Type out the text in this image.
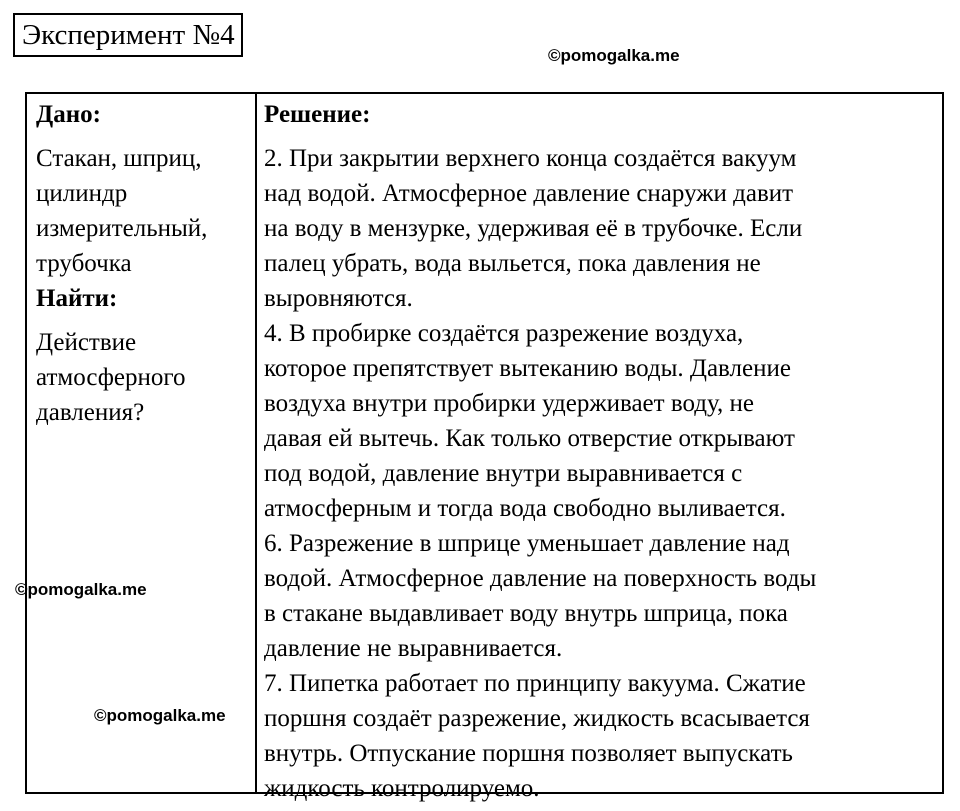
Эксперимент №4
©pomogalka.me

Дано:

Стакан, шприц,

цилиндр

измерительный,

трубочка

Найти:

Действие

атмосферного

давления?

Решение:

2. При закрытии верхнего конца создаётся вакуум

над водой. Атмосферное давление снаружи давит

на воду в мензурке, удерживая её в трубочке. Если

палец убрать, вода выльется, пока давления не

выровняются.

4. В пробирке создаётся разрежение воздуха,

которое препятствует вытеканию воды. Давление

воздуха внутри пробирки удерживает воду, не

давая ей вытечь. Как только отверстие открывают

под водой, давление внутри выравнивается с

атмосферным и тогда вода свободно выливается.

6. Разрежение в шприце уменьшает давление над

водой. Атмосферное давление на поверхность воды

в стакане выдавливает воду внутрь шприца, пока

давление не выравнивается.

7. Пипетка работает по принципу вакуума. Сжатие

поршня создаёт разрежение, жидкость всасывается

внутрь. Отпускание поршня позволяет выпускать

жидкость контролируемо.

©pomogalka.me
©pomogalka.me
